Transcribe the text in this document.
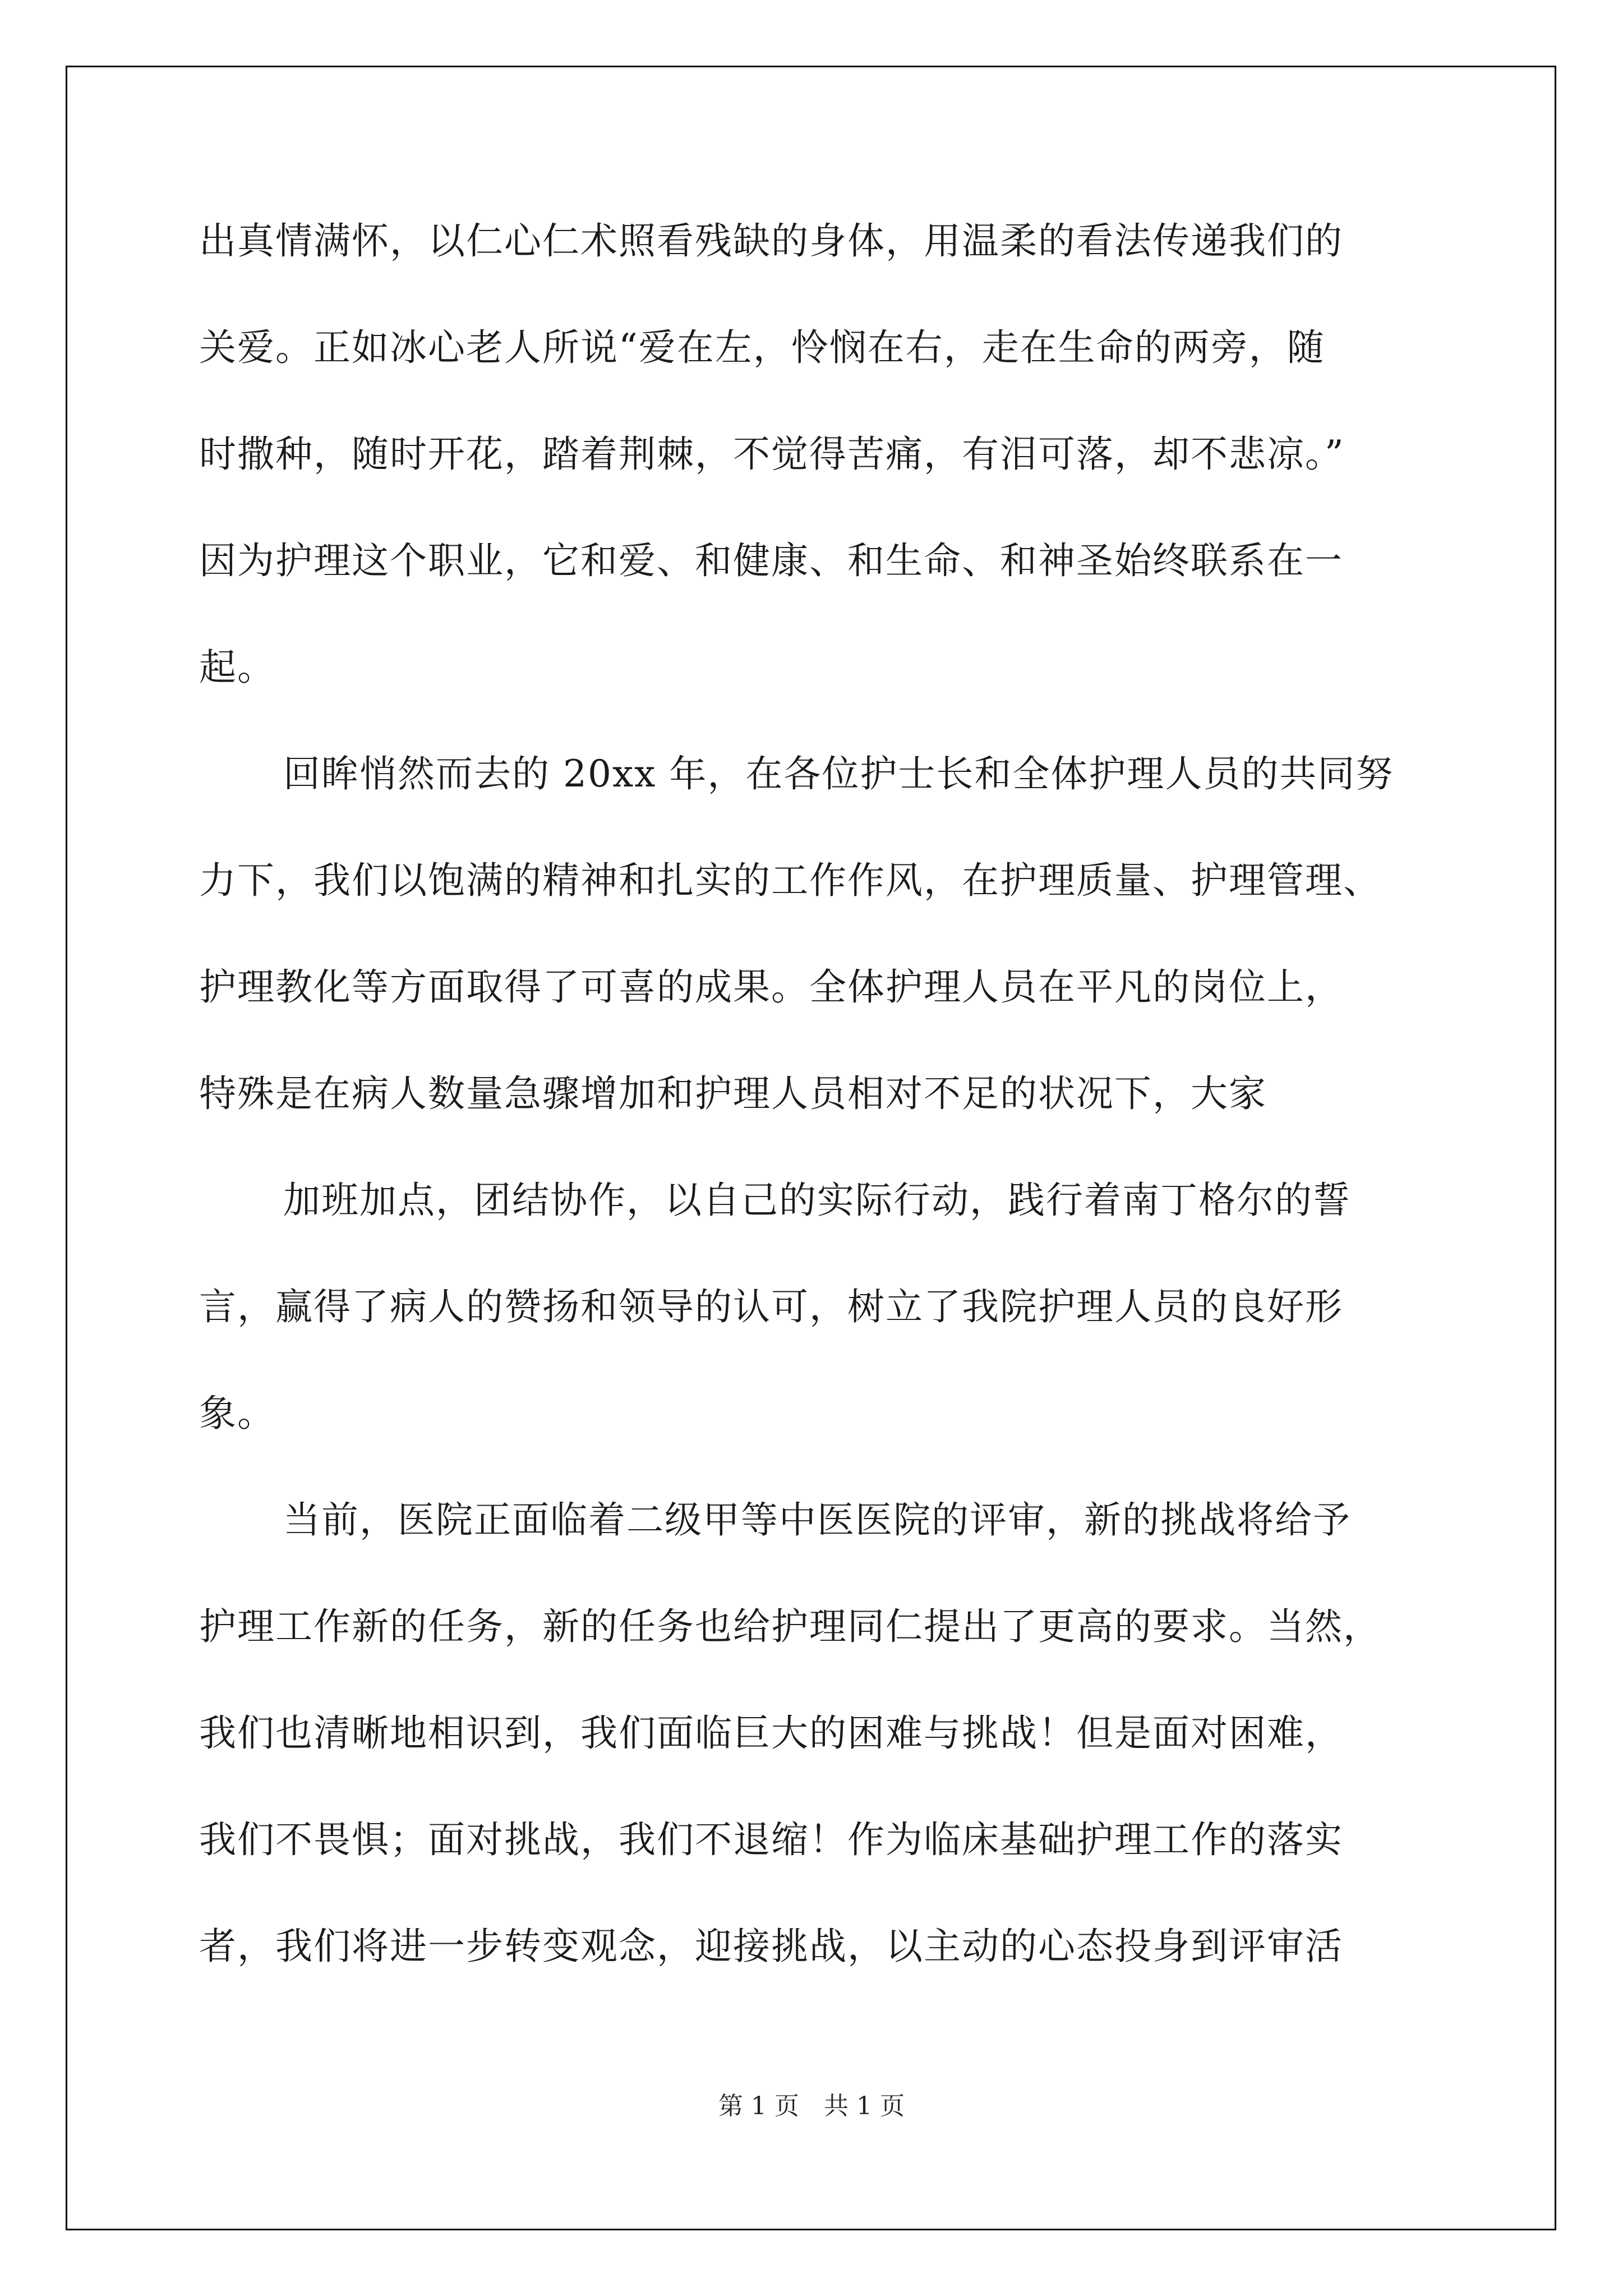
出真情满怀，以仁心仁术照看残缺的身体，用温柔的看法传递我们的
关爱。正如冰心老人所说“爱在左，怜悯在右，走在生命的两旁，随
时撒种，随时开花，踏着荆棘，不觉得苦痛，有泪可落，却不悲凉。”
因为护理这个职业，它和爱、和健康、和生命、和神圣始终联系在一
起。
回眸悄然而去的 20xx 年，在各位护士长和全体护理人员的共同努
力下，我们以饱满的精神和扎实的工作作风，在护理质量、护理管理、
护理教化等方面取得了可喜的成果。全体护理人员在平凡的岗位上，
特殊是在病人数量急骤增加和护理人员相对不足的状况下，大家
加班加点，团结协作，以自己的实际行动，践行着南丁格尔的誓
言，赢得了病人的赞扬和领导的认可，树立了我院护理人员的良好形
象。
当前，医院正面临着二级甲等中医医院的评审，新的挑战将给予
护理工作新的任务，新的任务也给护理同仁提出了更高的要求。当然，
我们也清晰地相识到，我们面临巨大的困难与挑战！但是面对困难，
我们不畏惧；面对挑战，我们不退缩！作为临床基础护理工作的落实
者，我们将进一步转变观念，迎接挑战，以主动的心态投身到评审活
第 1 页　共 1 页
